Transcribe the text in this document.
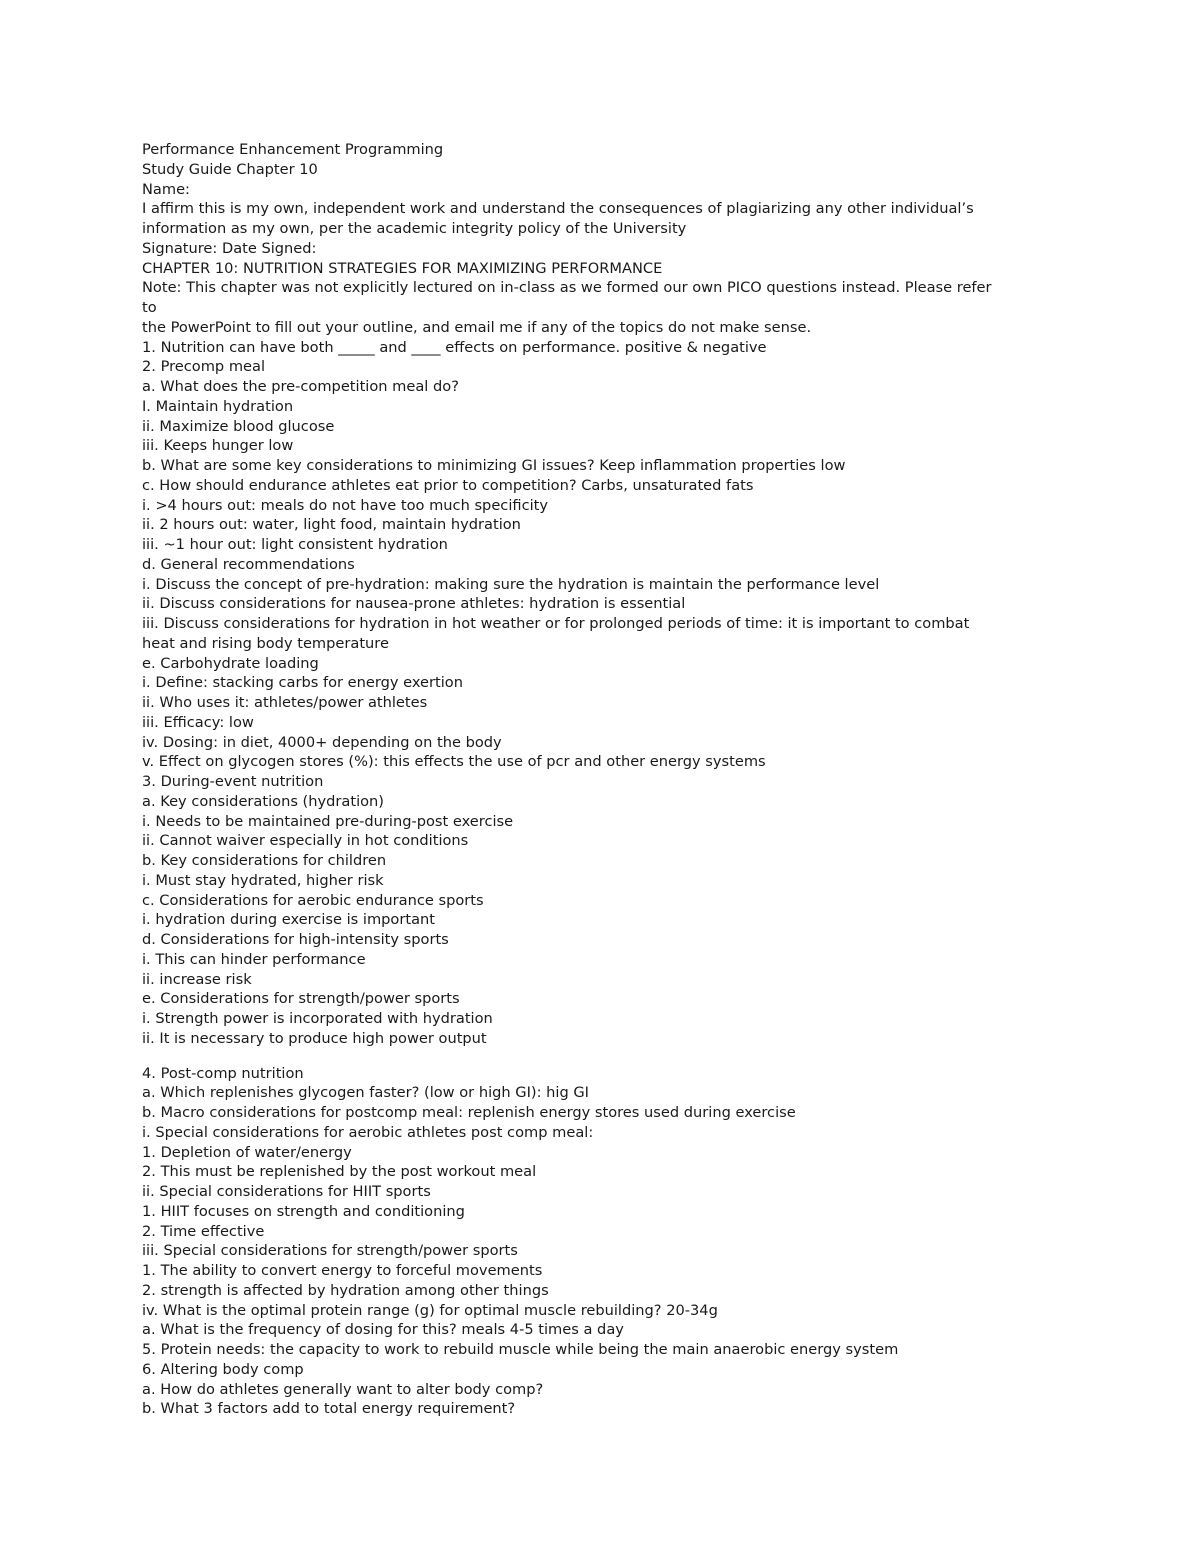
Performance Enhancement Programming
Study Guide Chapter 10
Name:
I affirm this is my own, independent work and understand the consequences of plagiarizing any other individual’s
information as my own, per the academic integrity policy of the University
Signature: Date Signed:
CHAPTER 10: NUTRITION STRATEGIES FOR MAXIMIZING PERFORMANCE
Note: This chapter was not explicitly lectured on in-class as we formed our own PICO questions instead. Please refer
to
the PowerPoint to fill out your outline, and email me if any of the topics do not make sense.
1. Nutrition can have both _____ and ____ effects on performance. positive & negative
2. Precomp meal
a. What does the pre-competition meal do?
I. Maintain hydration
ii. Maximize blood glucose
iii. Keeps hunger low
b. What are some key considerations to minimizing GI issues? Keep inflammation properties low
c. How should endurance athletes eat prior to competition? Carbs, unsaturated fats
i. >4 hours out: meals do not have too much specificity
ii. 2 hours out: water, light food, maintain hydration
iii. ~1 hour out: light consistent hydration
d. General recommendations
i. Discuss the concept of pre-hydration: making sure the hydration is maintain the performance level
ii. Discuss considerations for nausea-prone athletes: hydration is essential
iii. Discuss considerations for hydration in hot weather or for prolonged periods of time: it is important to combat
heat and rising body temperature
e. Carbohydrate loading
i. Define: stacking carbs for energy exertion
ii. Who uses it: athletes/power athletes
iii. Efficacy: low
iv. Dosing: in diet, 4000+ depending on the body
v. Effect on glycogen stores (%): this effects the use of pcr and other energy systems
3. During-event nutrition
a. Key considerations (hydration)
i. Needs to be maintained pre-during-post exercise
ii. Cannot waiver especially in hot conditions
b. Key considerations for children
i. Must stay hydrated, higher risk
c. Considerations for aerobic endurance sports
i. hydration during exercise is important
d. Considerations for high-intensity sports
i. This can hinder performance
ii. increase risk
e. Considerations for strength/power sports
i. Strength power is incorporated with hydration
ii. It is necessary to produce high power output
4. Post-comp nutrition
a. Which replenishes glycogen faster? (low or high GI): hig GI
b. Macro considerations for postcomp meal: replenish energy stores used during exercise
i. Special considerations for aerobic athletes post comp meal:
1. Depletion of water/energy
2. This must be replenished by the post workout meal
ii. Special considerations for HIIT sports
1. HIIT focuses on strength and conditioning
2. Time effective
iii. Special considerations for strength/power sports
1. The ability to convert energy to forceful movements
2. strength is affected by hydration among other things
iv. What is the optimal protein range (g) for optimal muscle rebuilding? 20-34g
a. What is the frequency of dosing for this? meals 4-5 times a day
5. Protein needs: the capacity to work to rebuild muscle while being the main anaerobic energy system
6. Altering body comp
a. How do athletes generally want to alter body comp?
b. What 3 factors add to total energy requirement?
